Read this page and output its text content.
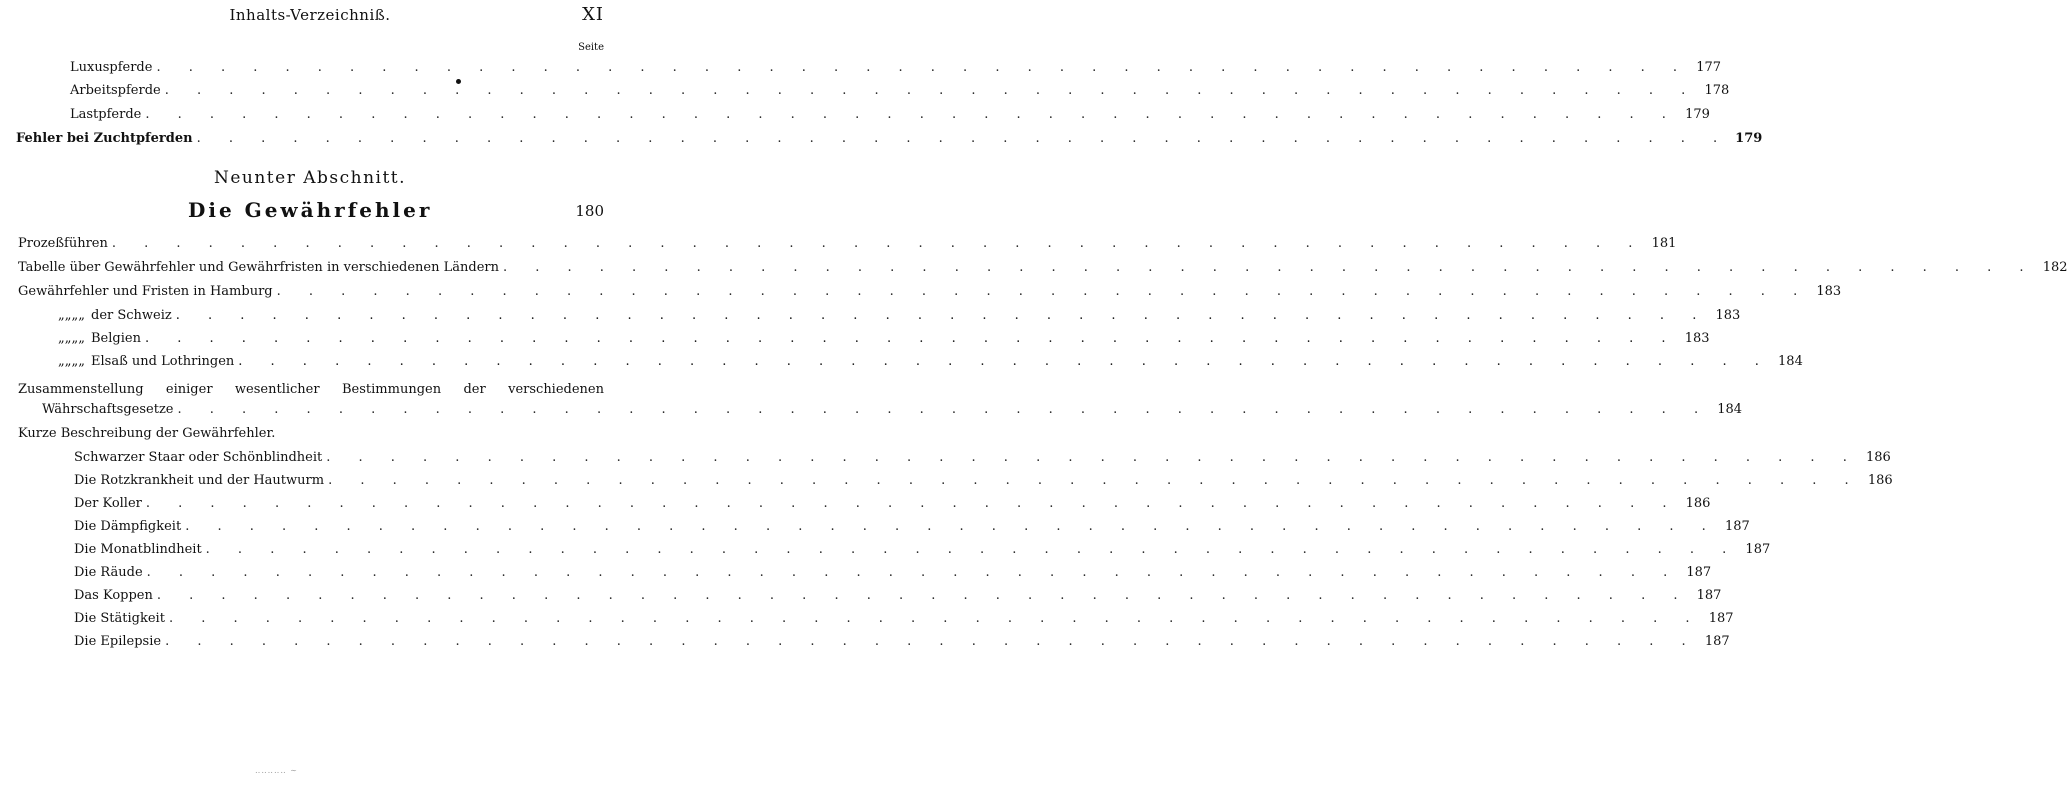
Inhalts-Verzeichniß.	XI
Seite
Luxuspferde . . . . . . . . . . . . . . . . . . . . . . . . . . . . . . . . . . . . . . . . . . . . . . . . 177
Arbeitspferde . . . . . . . . . . . . . . . . . . . . . . . . . . . . . . . . . . . . . . . . . . . . . . . . 178
Lastpferde . . . . . . . . . . . . . . . . . . . . . . . . . . . . . . . . . . . . . . . . . . . . . . . . 179
Fehler bei Zuchtpferden . . . . . . . . . . . . . . . . . . . . . . . . . . . . . . . . . . . . . . . . . . . . . . . . 179
Neunter Abschnitt.
Die Gewährfehler	180
Prozeßführen . . . . . . . . . . . . . . . . . . . . . . . . . . . . . . . . . . . . . . . . . . . . . . . . 181
Tabelle über Gewährfehler und Gewährfristen in verschiedenen Ländern . . . . . . . . . . . . . . . . . . . . . . . . . . . . . . . . . . . . . . . . . . . . . . . . 182
Gewährfehler und Fristen in Hamburg . . . . . . . . . . . . . . . . . . . . . . . . . . . . . . . . . . . . . . . . . . . . . . . . 183
„ „ „ „ der Schweiz . . . . . . . . . . . . . . . . . . . . . . . . . . . . . . . . . . . . . . . . . . . . . . . . 183
„ „ „ „ Belgien . . . . . . . . . . . . . . . . . . . . . . . . . . . . . . . . . . . . . . . . . . . . . . . . 183
„ „ „ „ Elsaß und Lothringen . . . . . . . . . . . . . . . . . . . . . . . . . . . . . . . . . . . . . . . . . . . . . . . . 184
Zusammenstellung einiger wesentlicher Bestimmungen der verschiedenen
Währschaftsgesetze . . . . . . . . . . . . . . . . . . . . . . . . . . . . . . . . . . . . . . . . . . . . . . . . 184
Kurze Beschreibung der Gewährfehler.
Schwarzer Staar oder Schönblindheit . . . . . . . . . . . . . . . . . . . . . . . . . . . . . . . . . . . . . . . . . . . . . . . . 186
Die Rotzkrankheit und der Hautwurm . . . . . . . . . . . . . . . . . . . . . . . . . . . . . . . . . . . . . . . . . . . . . . . . 186
Der Koller . . . . . . . . . . . . . . . . . . . . . . . . . . . . . . . . . . . . . . . . . . . . . . . . 186
Die Dämpfigkeit . . . . . . . . . . . . . . . . . . . . . . . . . . . . . . . . . . . . . . . . . . . . . . . . 187
Die Monatblindheit . . . . . . . . . . . . . . . . . . . . . . . . . . . . . . . . . . . . . . . . . . . . . . . . 187
Die Räude . . . . . . . . . . . . . . . . . . . . . . . . . . . . . . . . . . . . . . . . . . . . . . . . 187
Das Koppen . . . . . . . . . . . . . . . . . . . . . . . . . . . . . . . . . . . . . . . . . . . . . . . . 187
Die Stätigkeit . . . . . . . . . . . . . . . . . . . . . . . . . . . . . . . . . . . . . . . . . . . . . . . . 187
Die Epilepsie . . . . . . . . . . . . . . . . . . . . . . . . . . . . . . . . . . . . . . . . . . . . . . . . 187
‥‥‥‥‥ ∼
